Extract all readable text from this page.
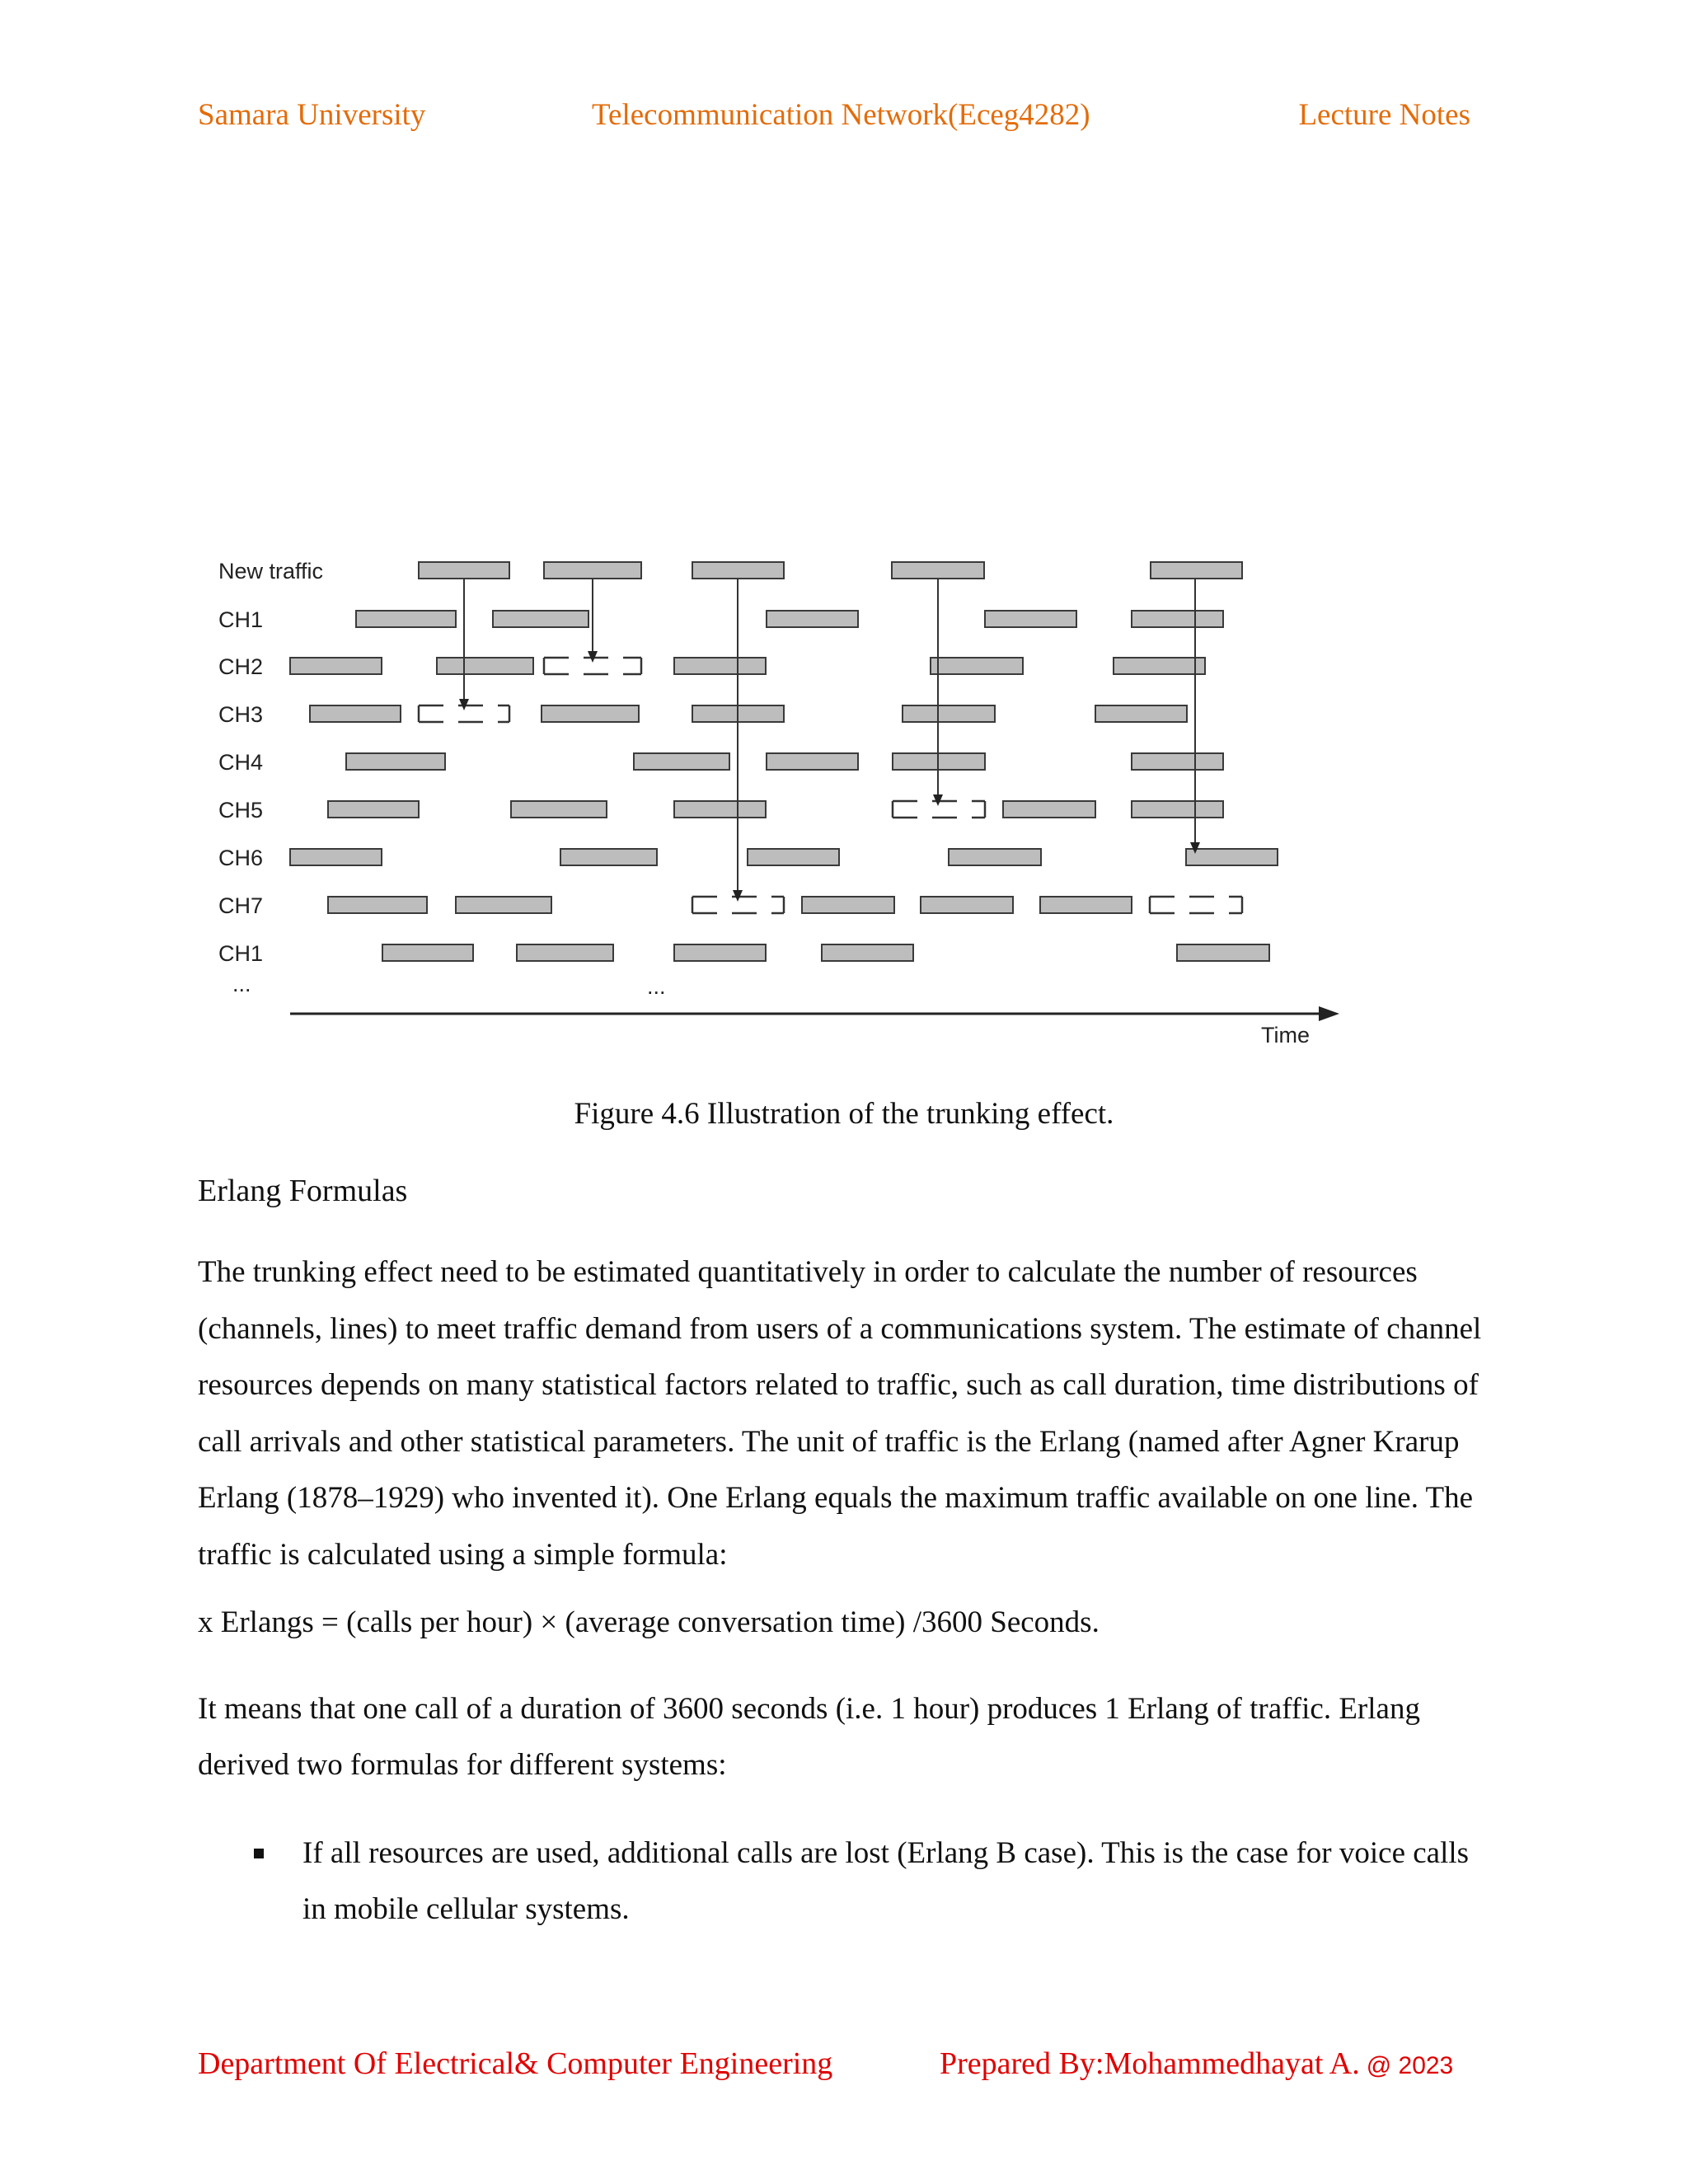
Samara University	Telecommunication Network(Eceg4282)	Lecture Notes
New traffic
CH1
CH2
CH3
CH4
CH5
CH6
CH7
CH1
...	...
Time
Figure 4.6 Illustration of the trunking effect.
Erlang Formulas

The trunking effect need to be estimated quantitatively in order to calculate the number of resources (channels, lines) to meet traffic demand from users of a communications system. The estimate of channel resources depends on many statistical factors related to traffic, such as call duration, time distributions of call arrivals and other statistical parameters. The unit of traffic is the Erlang (named after Agner Krarup Erlang (1878–1929) who invented it). One Erlang equals the maximum traffic available on one line. The traffic is calculated using a simple formula:

x Erlangs = (calls per hour) × (average conversation time) /3600 Seconds.

It means that one call of a duration of 3600 seconds (i.e. 1 hour) produces 1 Erlang of traffic. Erlang derived two formulas for different systems:

If all resources are used, additional calls are lost (Erlang B case). This is the case for voice calls in mobile cellular systems.
Department Of Electrical& Computer Engineering	Prepared By:Mohammedhayat A. @ 2023
